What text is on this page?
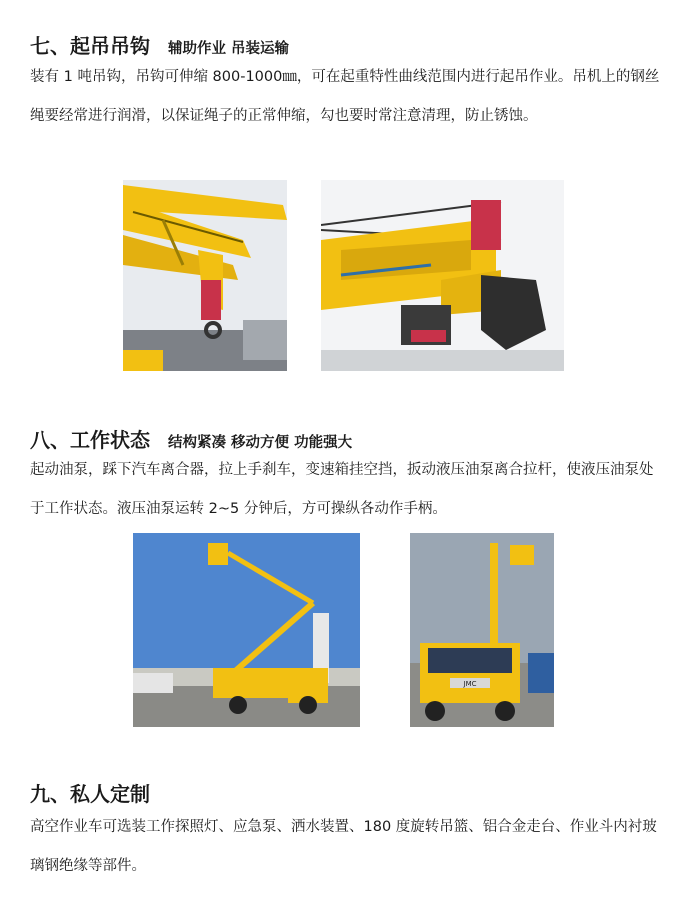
七、起吊吊钩 辅助作业 吊装运输

装有 1 吨吊钩，吊钩可伸缩 800-1000㎜，可在起重特性曲线范围内进行起吊作业。吊机上的钢丝绳要经常进行润滑，以保证绳子的正常伸缩，勾也要时常注意清理，防止锈蚀。

八、工作状态 结构紧凑 移动方便 功能强大

起动油泵，踩下汽车离合器，拉上手刹车，变速箱挂空挡，扳动液压油泵离合拉杆，使液压油泵处于工作状态。液压油泵运转 2~5 分钟后，方可操纵各动作手柄。

JMC
九、私人定制

高空作业车可选装工作探照灯、应急泵、洒水装置、180 度旋转吊篮、铝合金走台、作业斗内衬玻璃钢绝缘等部件。
